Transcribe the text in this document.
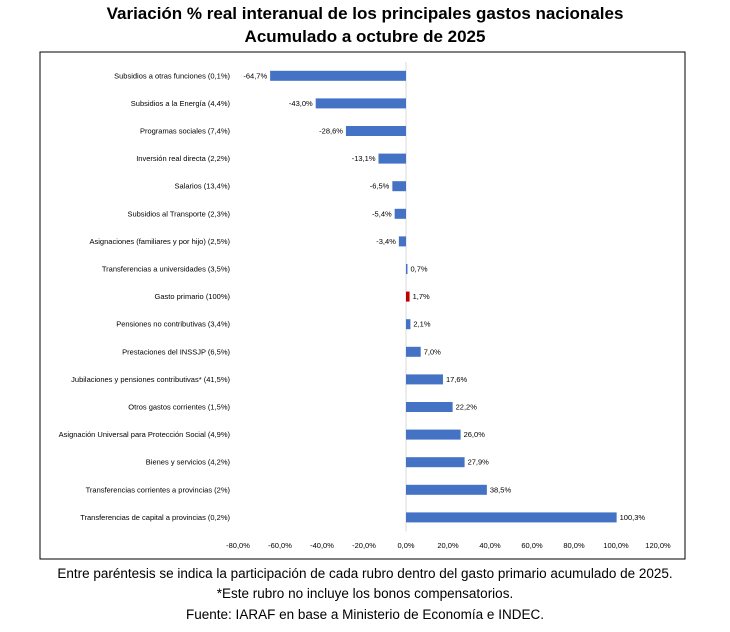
Variación % real interanual de los principales gastos nacionales
Acumulado a octubre de 2025
Subsidios a otras funciones (0,1%) -64,7%
Subsidios a la Energía (4,4%)	-43,0%
Programas sociales (7,4%)	-28,6%
Inversión real directa (2,2%)	-13,1%
Salarios (13,4%)	-6,5%
Subsidios al Transporte (2,3%)	-5,4%
Asignaciones (familiares y por hijo) (2,5%)	-3,4%
Transferencias a universidades (3,5%)	0,7%
Gasto primario (100%)	1,7%
Pensiones no contributivas (3,4%)	2,1%
Prestaciones del INSSJP (6,5%)	7,0%
Jubilaciones y pensiones contributivas* (41,5%)	17,6%
Otros gastos corrientes (1,5%)	22,2%
Asignación Universal para Protección Social (4,9%)	26,0%
Bienes y servicios (4,2%)	27,9%
Transferencias corrientes a provincias (2%)	38,5%
Transferencias de capital a provincias (0,2%)	100,3%
-80,0% -60,0% -40,0% -20,0%	0,0%	20,0%	40,0%	60,0%	80,0% 100,0% 120,0%
Entre paréntesis se indica la participación de cada rubro dentro del gasto primario acumulado de 2025.
*Este rubro no incluye los bonos compensatorios.
Fuente: IARAF en base a Ministerio de Economía e INDEC.
